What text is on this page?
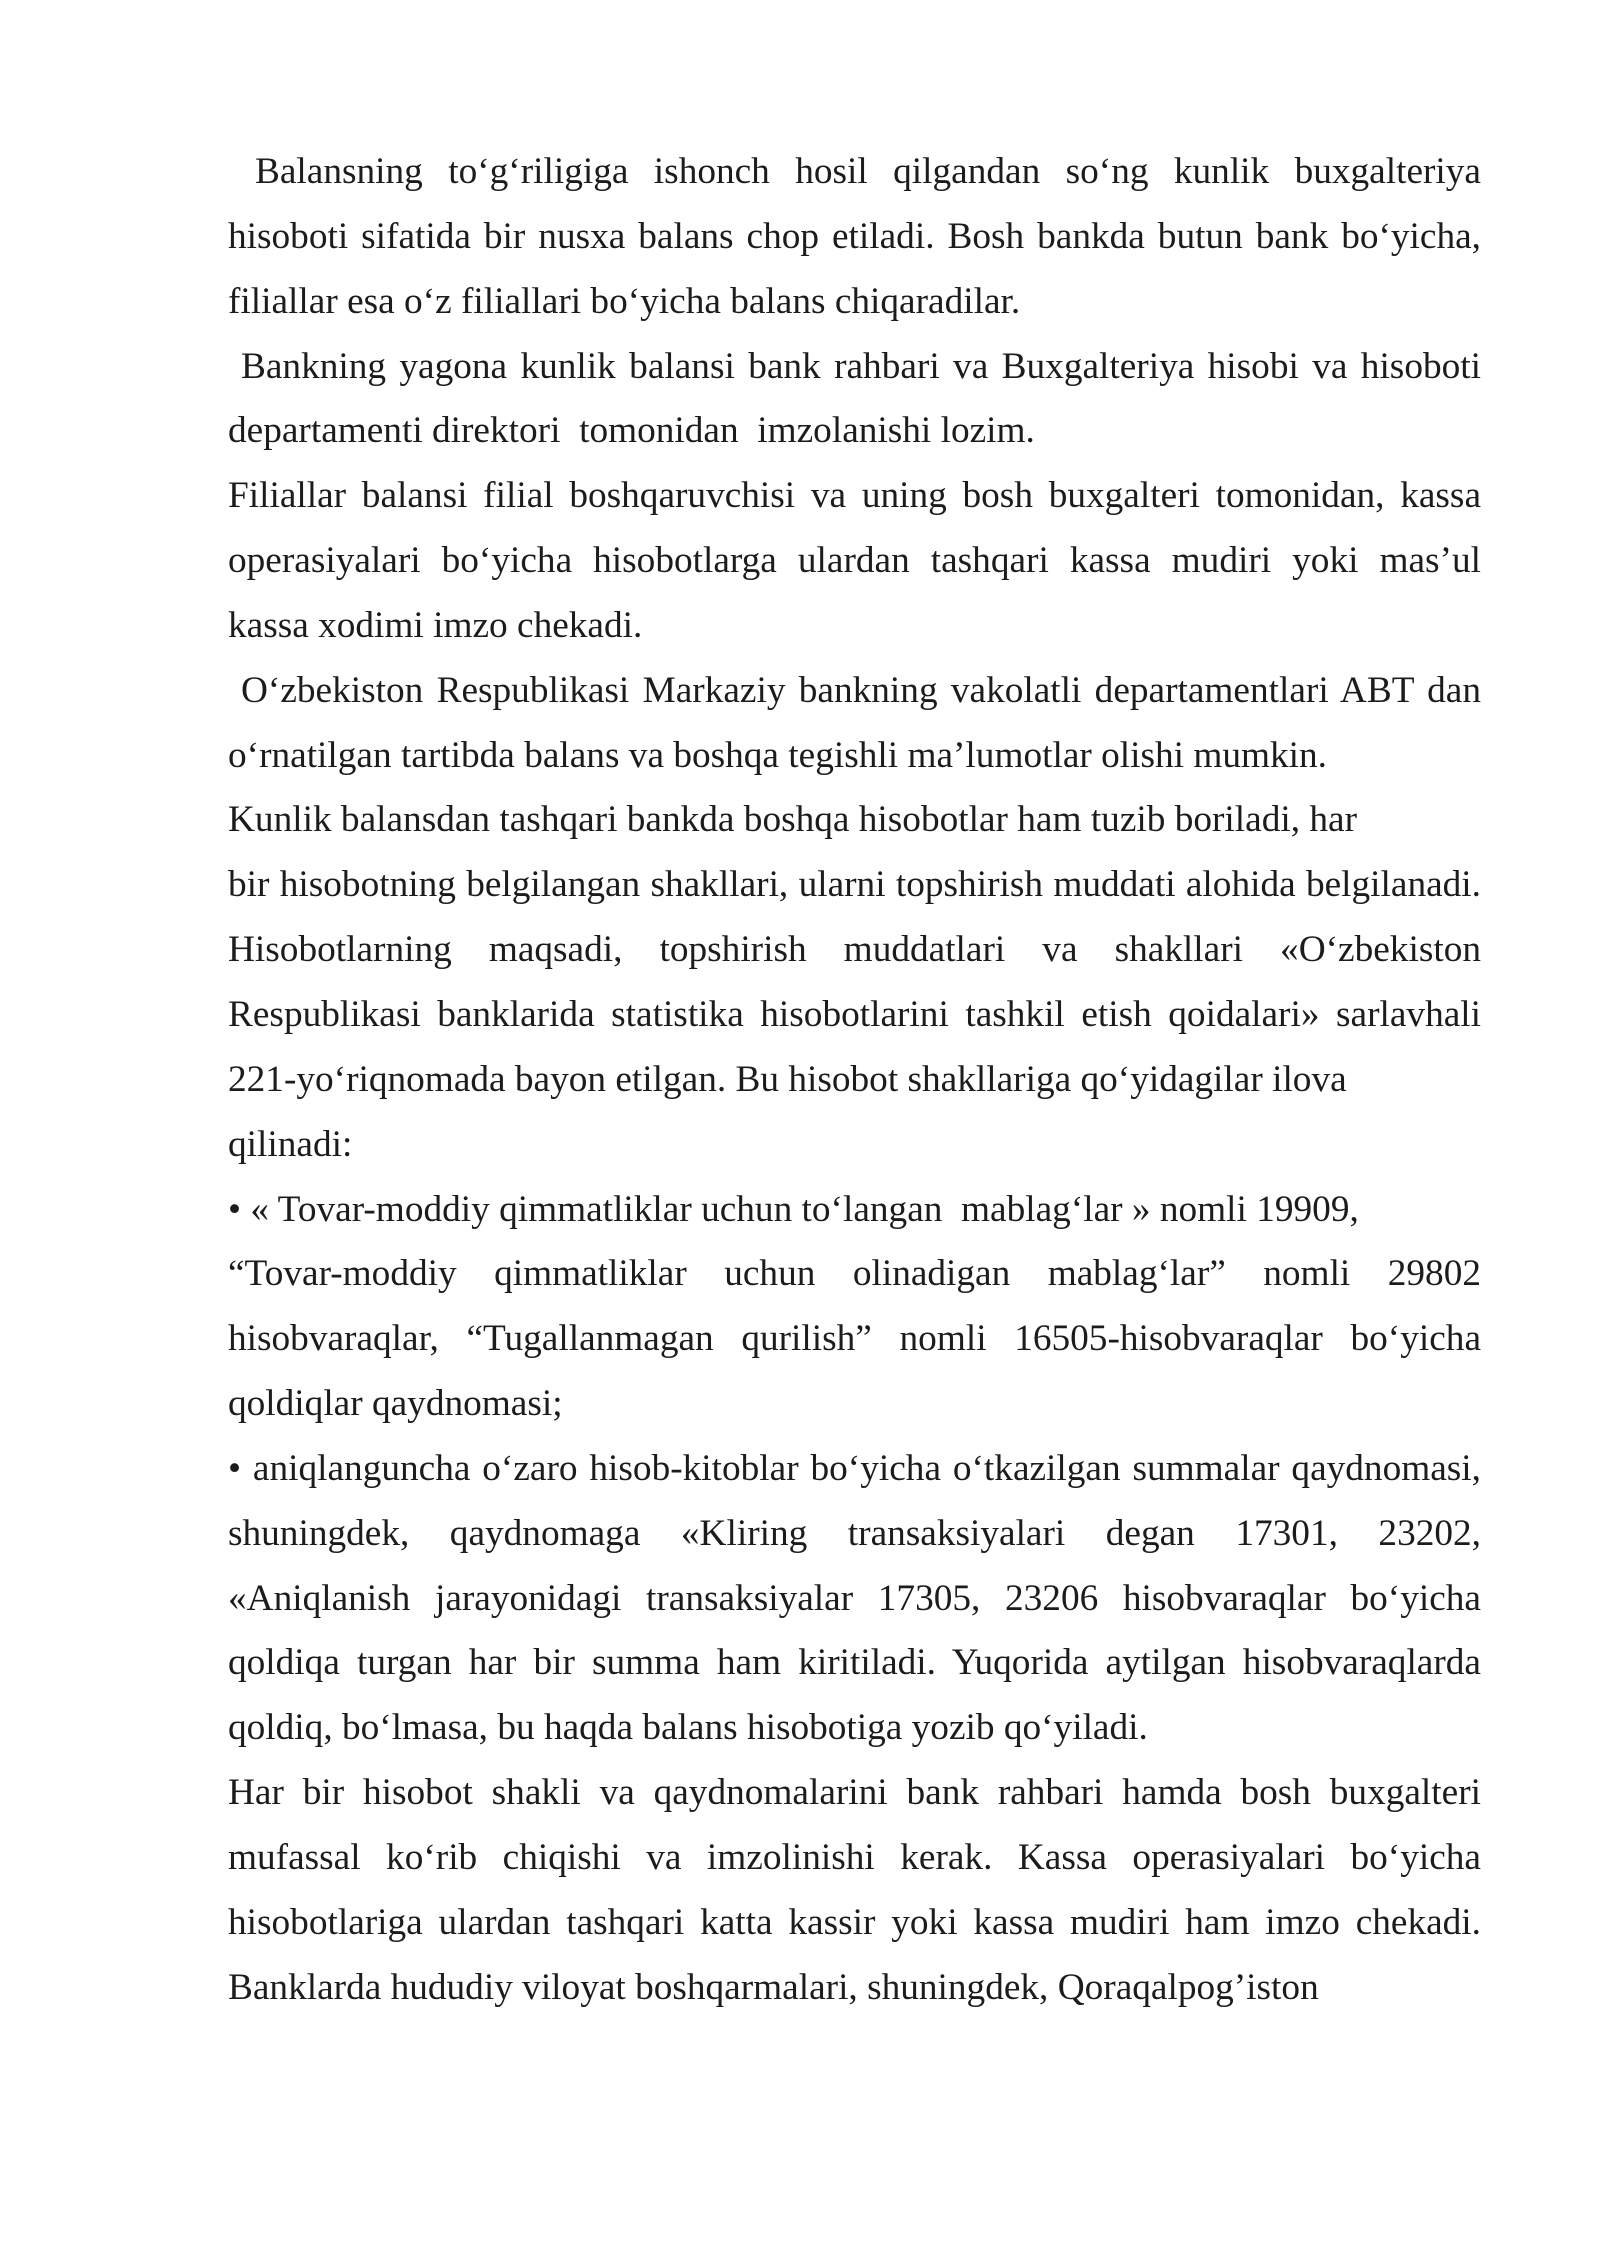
Balansning to‘g‘riligiga ishonch hosil qilgandan so‘ng kunlik buxgalteriya
hisoboti sifatida bir nusxa balans chop etiladi. Bosh bankda butun bank bo‘yicha,
filiallar esa o‘z filiallari bo‘yicha balans chiqaradilar.
Bankning yagona kunlik balansi bank rahbari va Buxgalteriya hisobi va hisoboti
departamenti direktori  tomonidan  imzolanishi lozim.
Filiallar balansi filial boshqaruvchisi va uning bosh buxgalteri tomonidan, kassa
operasiyalari bo‘yicha hisobotlarga ulardan tashqari kassa mudiri yoki mas’ul
kassa xodimi imzo chekadi.
O‘zbekiston Respublikasi Markaziy bankning vakolatli departamentlari ABT dan
o‘rnatilgan tartibda balans va boshqa tegishli ma’lumotlar olishi mumkin.
Kunlik balansdan tashqari bankda boshqa hisobotlar ham tuzib boriladi, har
bir hisobotning belgilangan shakllari, ularni topshirish muddati alohida belgilanadi.
Hisobotlarning maqsadi, topshirish muddatlari va shakllari «O‘zbekiston
Respublikasi banklarida statistika hisobotlarini tashkil etish qoidalari» sarlavhali
221-yo‘riqnomada bayon etilgan. Bu hisobot shakllariga qo‘yidagilar ilova
qilinadi:
• « Tovar-moddiy qimmatliklar uchun to‘langan  mablag‘lar » nomli 19909,
“Tovar-moddiy qimmatliklar uchun olinadigan mablag‘lar” nomli 29802
hisobvaraqlar, “Tugallanmagan qurilish” nomli 16505-hisobvaraqlar bo‘yicha
qoldiqlar qaydnomasi;
• aniqlanguncha o‘zaro hisob-kitoblar bo‘yicha o‘tkazilgan summalar qaydnomasi,
shuningdek, qaydnomaga «Kliring transaksiyalari degan 17301, 23202,
«Aniqlanish jarayonidagi transaksiyalar 17305, 23206 hisobvaraqlar bo‘yicha
qoldiqa turgan har bir summa ham kiritiladi. Yuqorida aytilgan hisobvaraqlarda
qoldiq, bo‘lmasa, bu haqda balans hisobotiga yozib qo‘yiladi.
Har bir hisobot shakli va qaydnomalarini bank rahbari hamda bosh buxgalteri
mufassal ko‘rib chiqishi va imzolinishi kerak. Kassa operasiyalari bo‘yicha
hisobotlariga ulardan tashqari katta kassir yoki kassa mudiri ham imzo chekadi.
Banklarda hududiy viloyat boshqarmalari, shuningdek, Qoraqalpog’iston
